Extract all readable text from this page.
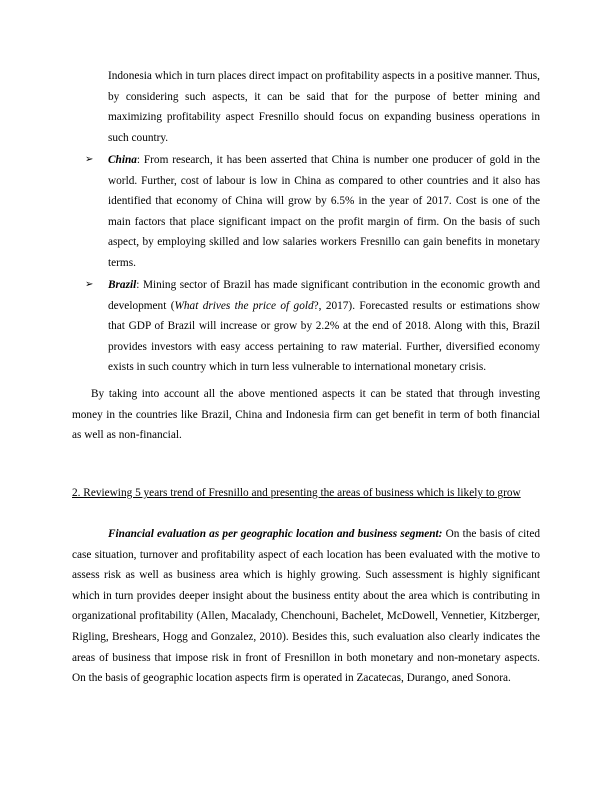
Indonesia which in turn places direct impact on profitability aspects in a positive manner. Thus, by considering such aspects, it can be said that for the purpose of better mining and maximizing profitability aspect Fresnillo should focus on expanding business operations in such country.

➢	China: From research, it has been asserted that China is number one producer of gold in the world. Further, cost of labour is low in China as compared to other countries and it also has identified that economy of China will grow by 6.5% in the year of 2017. Cost is one of the main factors that place significant impact on the profit margin of firm. On the basis of such aspect, by employing skilled and low salaries workers Fresnillo can gain benefits in monetary terms.

➢	Brazil: Mining sector of Brazil has made significant contribution in the economic growth and development (What drives the price of gold?, 2017). Forecasted results or estimations show that GDP of Brazil will increase or grow by 2.2% at the end of 2018. Along with this, Brazil provides investors with easy access pertaining to raw material. Further, diversified economy exists in such country which in turn less vulnerable to international monetary crisis.

By taking into account all the above mentioned aspects it can be stated that through investing money in the countries like Brazil, China and Indonesia firm can get benefit in term of both financial as well as non-financial.

2. Reviewing 5 years trend of Fresnillo and presenting the areas of business which is likely to grow

Financial evaluation as per geographic location and business segment: On the basis of cited case situation, turnover and profitability aspect of each location has been evaluated with the motive to assess risk as well as business area which is highly growing. Such assessment is highly significant which in turn provides deeper insight about the business entity about the area which is contributing in organizational profitability (Allen, Macalady, Chenchouni, Bachelet, McDowell, Vennetier, Kitzberger, Rigling, Breshears, Hogg and Gonzalez, 2010). Besides this, such evaluation also clearly indicates the areas of business that impose risk in front of Fresnillon in both monetary and non-monetary aspects. On the basis of geographic location aspects firm is operated in Zacatecas, Durango, aned Sonora.
